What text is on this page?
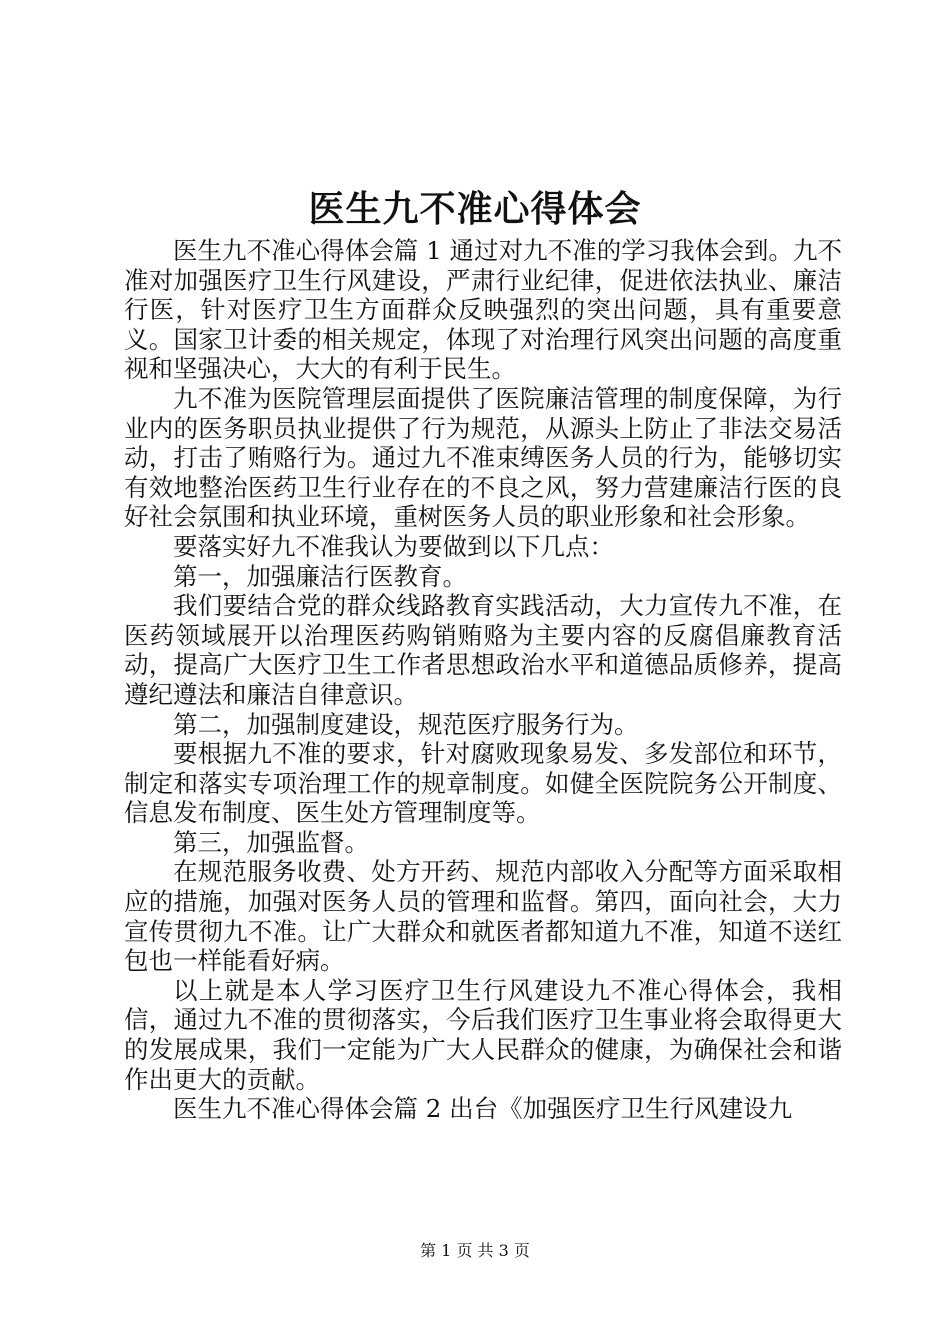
医生九不准心得体会

医生九不准心得体会篇 1 通过对九不准的学习我体会到。九不准对加强医疗卫生行风建设，严肃行业纪律，促进依法执业、廉洁行医，针对医疗卫生方面群众反映强烈的突出问题，具有重要意义。国家卫计委的相关规定，体现了对治理行风突出问题的高度重视和坚强决心，大大的有利于民生。

九不准为医院管理层面提供了医院廉洁管理的制度保障，为行业内的医务职员执业提供了行为规范，从源头上防止了非法交易活动，打击了贿赂行为。通过九不准束缚医务人员的行为，能够切实有效地整治医药卫生行业存在的不良之风，努力营建廉洁行医的良好社会氛围和执业环境，重树医务人员的职业形象和社会形象。

要落实好九不准我认为要做到以下几点：

第一，加强廉洁行医教育。

我们要结合党的群众线路教育实践活动，大力宣传九不准，在医药领域展开以治理医药购销贿赂为主要内容的反腐倡廉教育活动，提高广大医疗卫生工作者思想政治水平和道德品质修养，提高遵纪遵法和廉洁自律意识。

第二，加强制度建设，规范医疗服务行为。

要根据九不准的要求，针对腐败现象易发、多发部位和环节，制定和落实专项治理工作的规章制度。如健全医院院务公开制度、信息发布制度、医生处方管理制度等。

第三，加强监督。

在规范服务收费、处方开药、规范内部收入分配等方面采取相应的措施，加强对医务人员的管理和监督。第四，面向社会，大力宣传贯彻九不准。让广大群众和就医者都知道九不准，知道不送红包也一样能看好病。

以上就是本人学习医疗卫生行风建设九不准心得体会，我相信，通过九不准的贯彻落实，今后我们医疗卫生事业将会取得更大的发展成果，我们一定能为广大人民群众的健康，为确保社会和谐作出更大的贡献。

医生九不准心得体会篇 2 出台《加强医疗卫生行风建设九

第 1 页 共 3 页
